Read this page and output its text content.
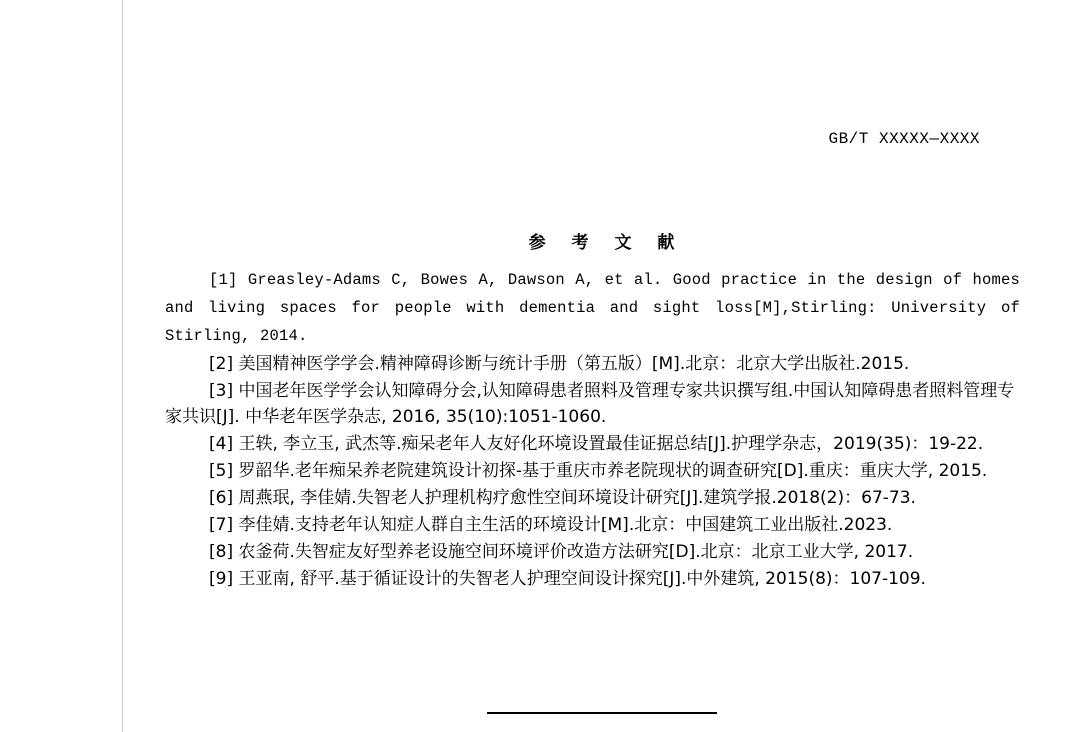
GB/T XXXXX—XXXX
参 考 文 献
[1] Greasley-Adams C, Bowes A, Dawson A, et al. Good practice in the design of homes and living spaces for people with dementia and sight loss[M],Stirling: University of Stirling, 2014.
[2] 美国精神医学学会.精神障碍诊断与统计手册（第五版）[M].北京：北京大学出版社.2015.
[3] 中国老年医学学会认知障碍分会,认知障碍患者照料及管理专家共识撰写组.中国认知障碍患者照料管理专家共识[J]. 中华老年医学杂志, 2016, 35(10):1051-1060.
[4] 王轶, 李立玉, 武杰等.痴呆老年人友好化环境设置最佳证据总结[J].护理学杂志，2019(35)：19-22.
[5] 罗韶华.老年痴呆养老院建筑设计初探-基于重庆市养老院现状的调查研究[D].重庆：重庆大学, 2015.
[6] 周燕珉, 李佳婧.失智老人护理机构疗愈性空间环境设计研究[J].建筑学报.2018(2)：67-73.
[7] 李佳婧.支持老年认知症人群自主生活的环境设计[M].北京：中国建筑工业出版社.2023.
[8] 农釜荷.失智症友好型养老设施空间环境评价改造方法研究[D].北京：北京工业大学, 2017.
[9] 王亚南, 舒平.基于循证设计的失智老人护理空间设计探究[J].中外建筑, 2015(8)：107-109.
